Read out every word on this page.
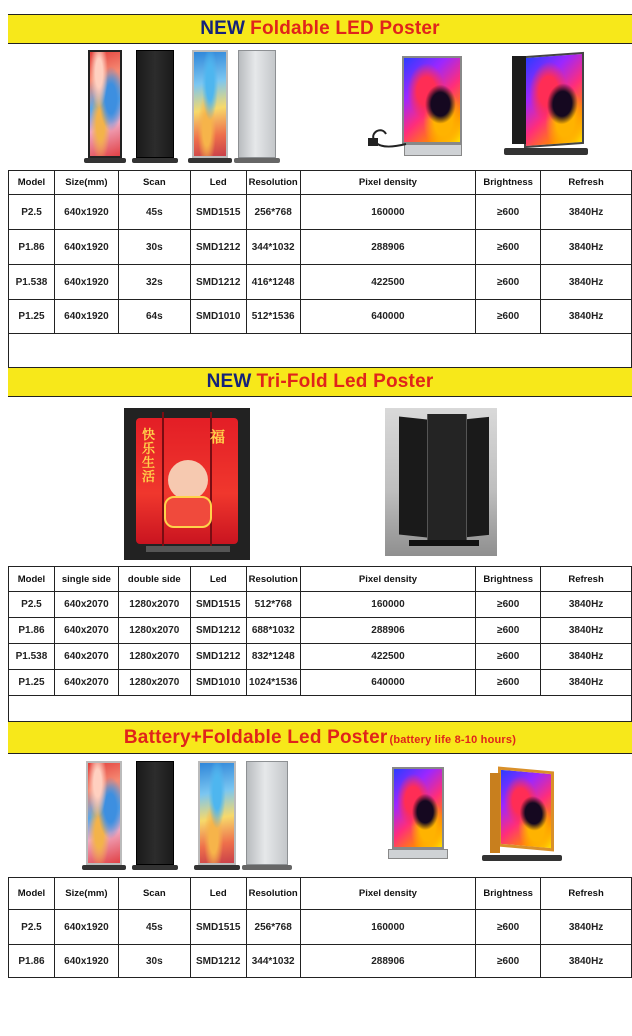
NEW Foldable LED Poster
Model	Size(mm)	Scan	Led	Resolution	Pixel density	Brightness	Refresh
P2.5	640x1920	45s	SMD1515	256*768	160000	≥600	3840Hz
P1.86	640x1920	30s	SMD1212	344*1032	288906	≥600	3840Hz
P1.538	640x1920	32s	SMD1212	416*1248	422500	≥600	3840Hz
P1.25	640x1920	64s	SMD1010	512*1536	640000	≥600	3840Hz
NEW Tri-Fold Led Poster
快乐
生活
福
Model	single side	double side	Led	Resolution	Pixel density	Brightness	Refresh
P2.5	640x2070	1280x2070	SMD1515	512*768	160000	≥600	3840Hz
P1.86	640x2070	1280x2070	SMD1212	688*1032	288906	≥600	3840Hz
P1.538	640x2070	1280x2070	SMD1212	832*1248	422500	≥600	3840Hz
P1.25	640x2070	1280x2070	SMD1010	1024*1536	640000	≥600	3840Hz
Battery+Foldable Led Poster (battery life 8-10 hours)
Model	Size(mm)	Scan	Led	Resolution	Pixel density	Brightness	Refresh
P2.5	640x1920	45s	SMD1515	256*768	160000	≥600	3840Hz
P1.86	640x1920	30s	SMD1212	344*1032	288906	≥600	3840Hz
